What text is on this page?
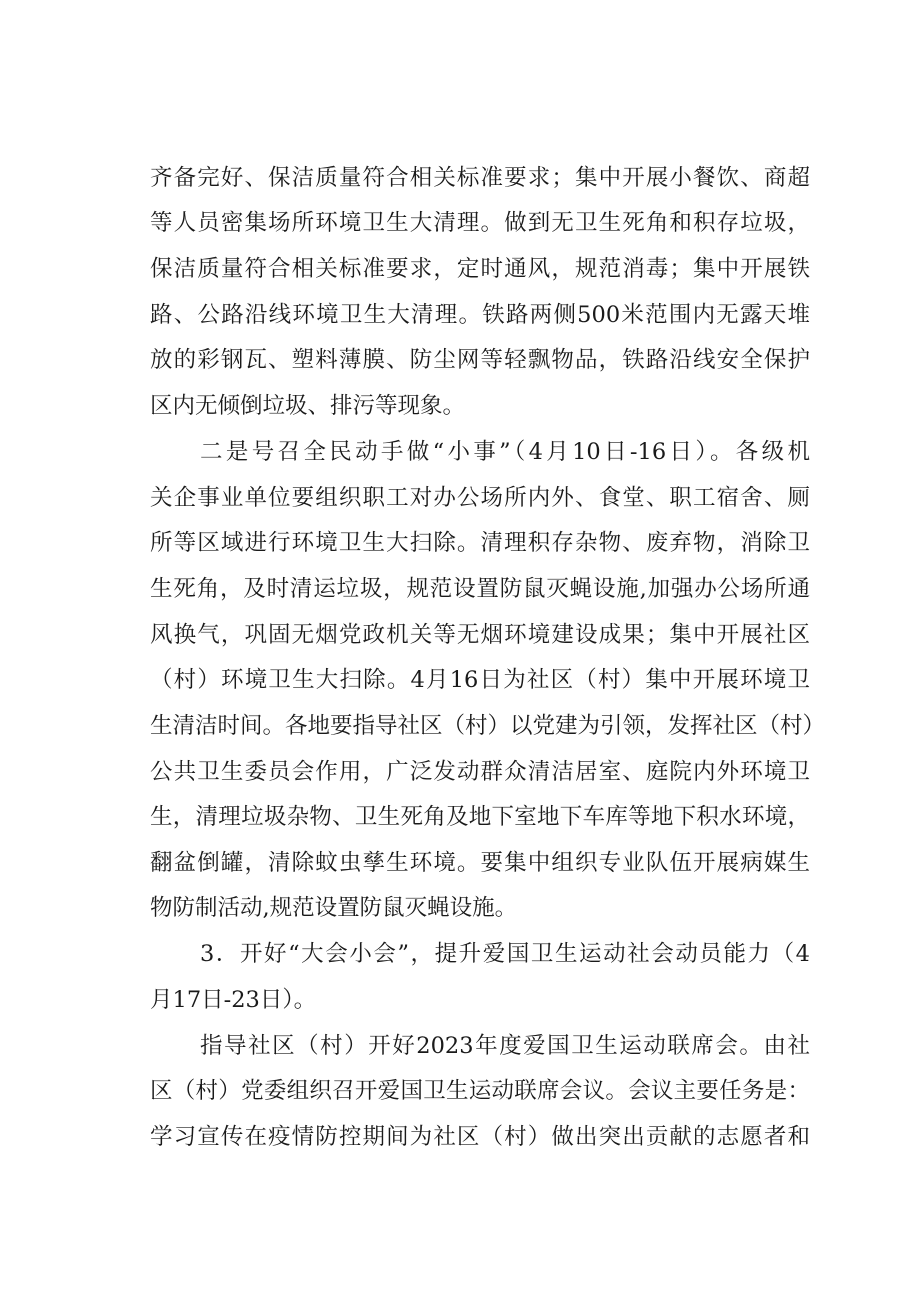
齐备完好、保洁质量符合相关标准要求；集中开展小餐饮、商超
等人员密集场所环境卫生大清理。做到无卫生死角和积存垃圾，
保洁质量符合相关标准要求，定时通风，规范消毒；集中开展铁
路、公路沿线环境卫生大清理。铁路两侧500米范围内无露天堆
放的彩钢瓦、塑料薄膜、防尘网等轻飘物品，铁路沿线安全保护
区内无倾倒垃圾、排污等现象。
二是号召全民动手做“小事”（4月10日-16日）。各级机
关企事业单位要组织职工对办公场所内外、食堂、职工宿舍、厕
所等区域进行环境卫生大扫除。清理积存杂物、废弃物，消除卫
生死角，及时清运垃圾，规范设置防鼠灭蝇设施,加强办公场所通
风换气，巩固无烟党政机关等无烟环境建设成果；集中开展社区
（村）环境卫生大扫除。4月16日为社区（村）集中开展环境卫
生清洁时间。各地要指导社区（村）以党建为引领，发挥社区（村）
公共卫生委员会作用，广泛发动群众清洁居室、庭院内外环境卫
生，清理垃圾杂物、卫生死角及地下室地下车库等地下积水环境，
翻盆倒罐，清除蚊虫孳生环境。要集中组织专业队伍开展病媒生
物防制活动,规范设置防鼠灭蝇设施。
3．开好“大会小会”，提升爱国卫生运动社会动员能力（4
月17日-23日）。
指导社区（村）开好2023年度爱国卫生运动联席会。由社
区（村）党委组织召开爱国卫生运动联席会议。会议主要任务是：
学习宣传在疫情防控期间为社区（村）做出突出贡献的志愿者和
